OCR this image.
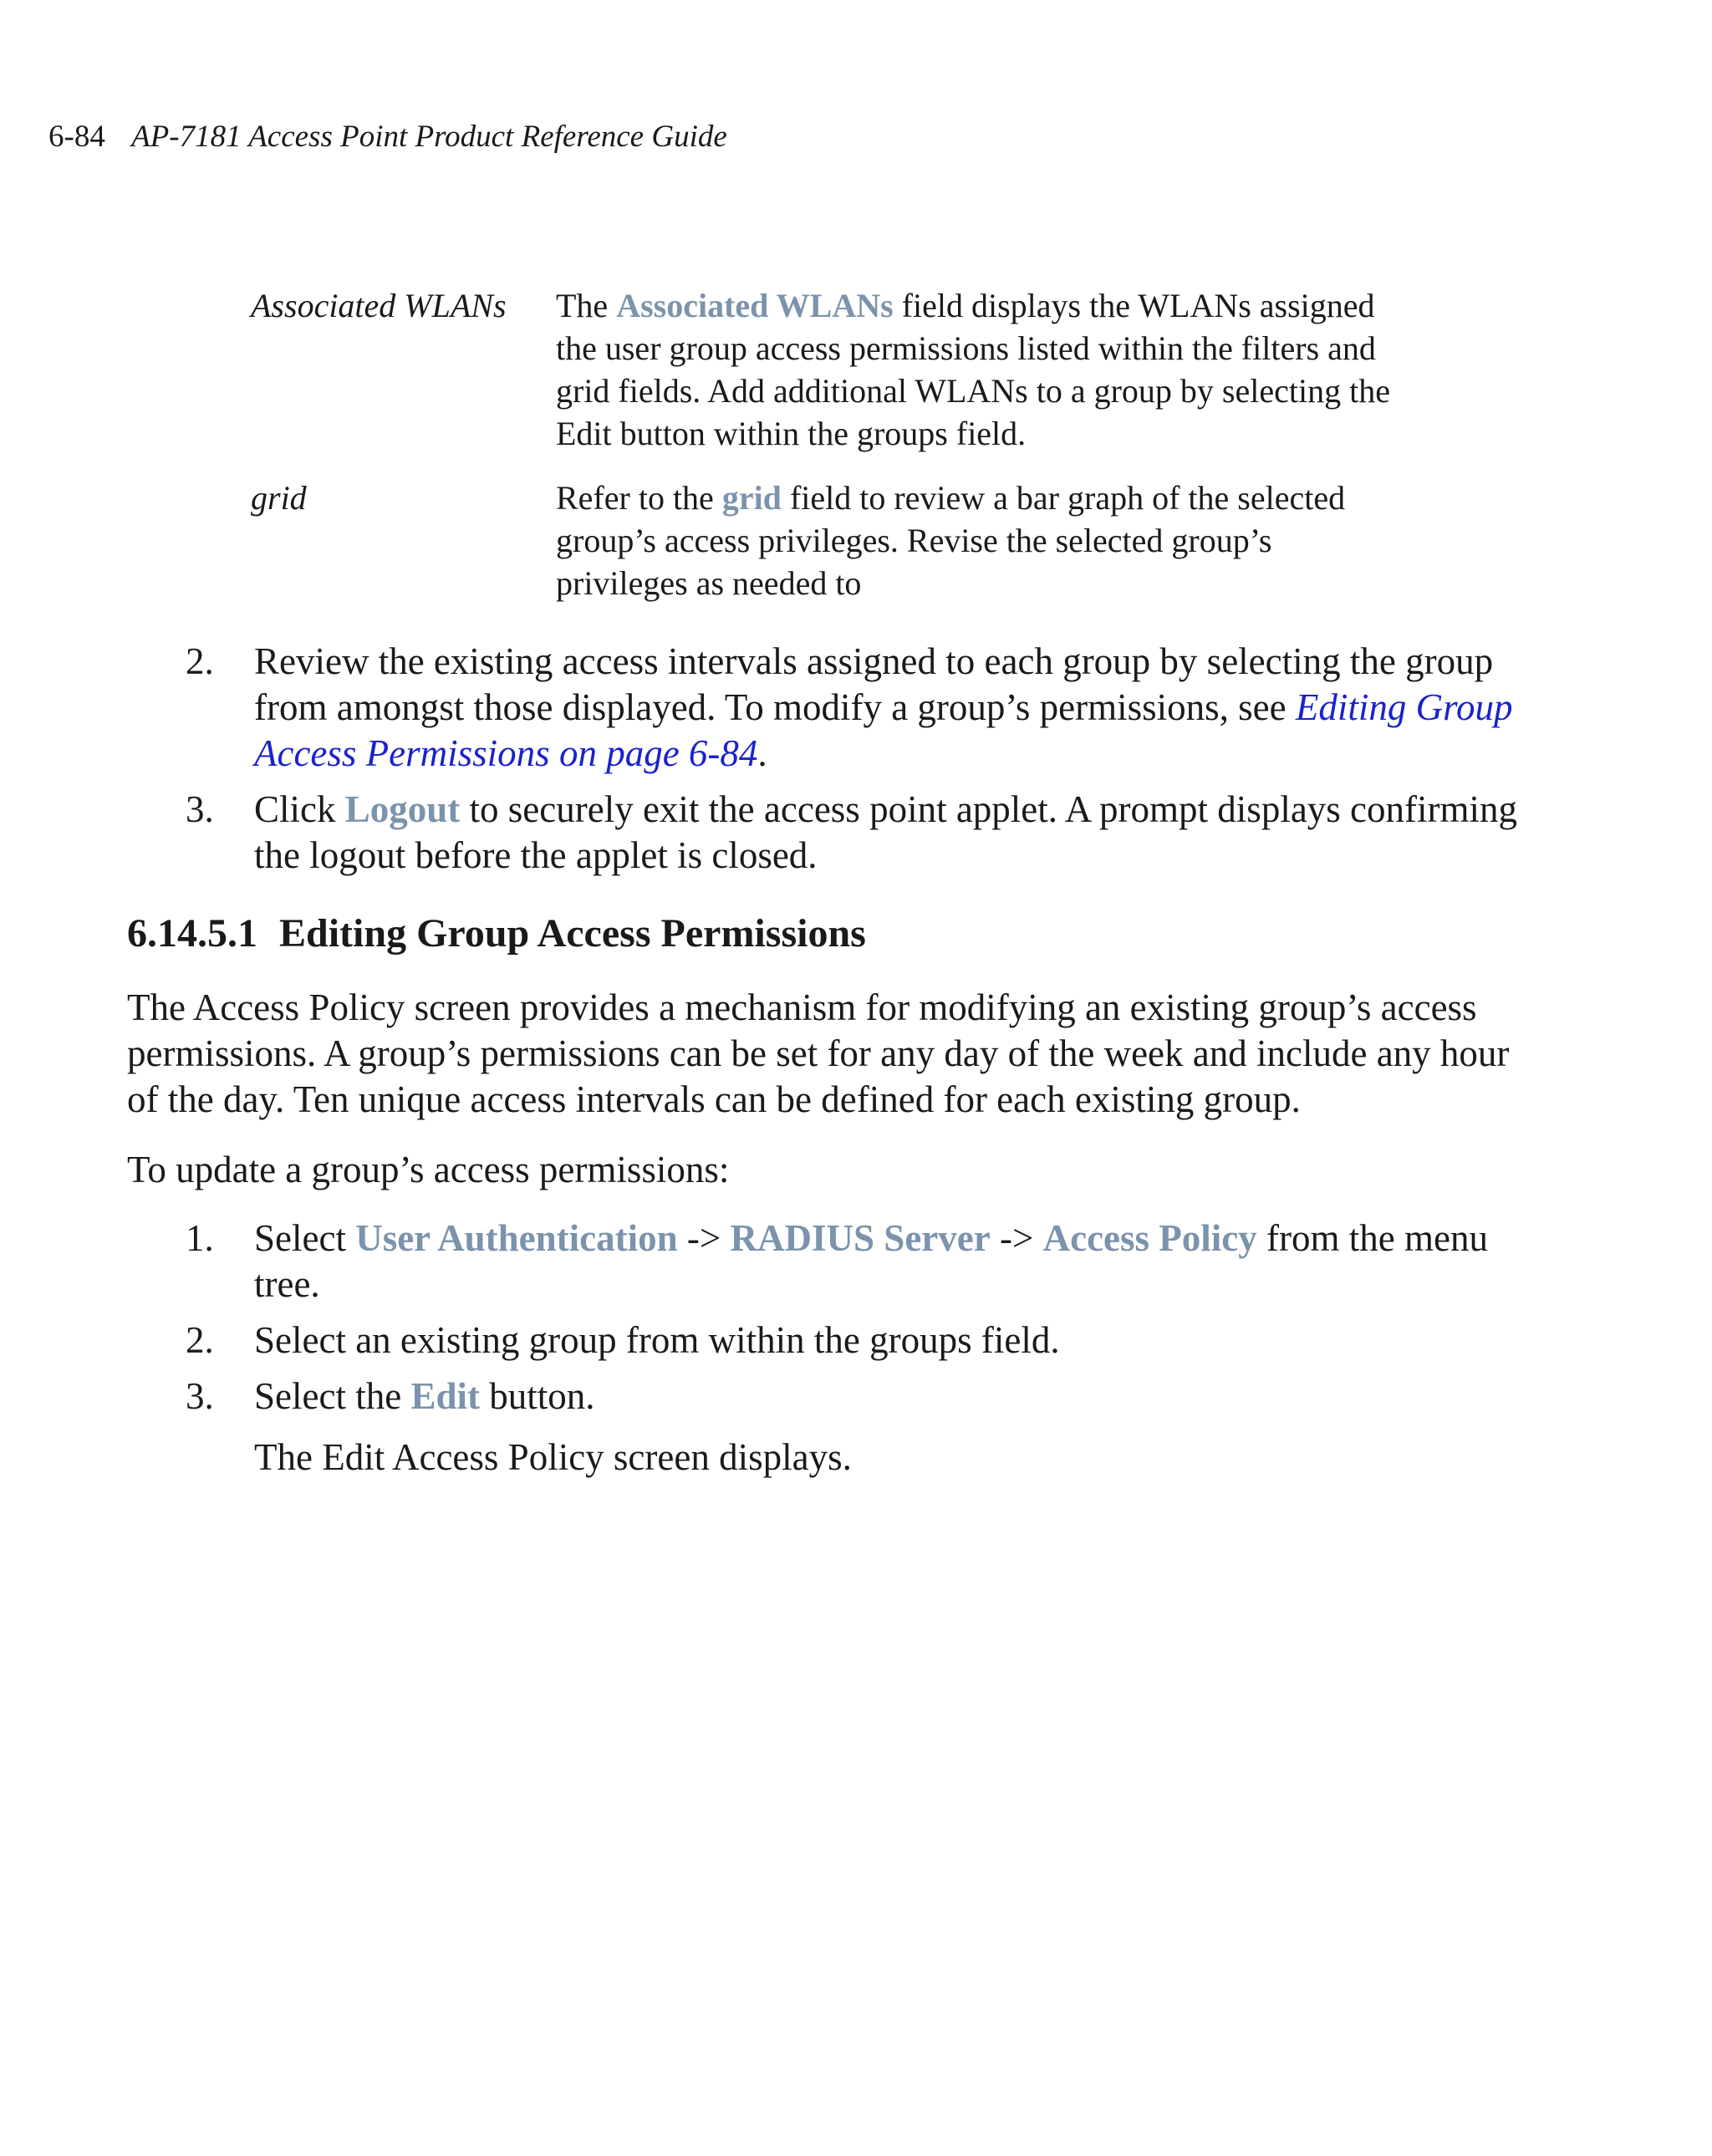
6-84 AP-7181 Access Point Product Reference Guide
Associated WLANs	The Associated WLANs field displays the WLANs assigned the user group access permissions listed within the filters and grid fields. Add additional WLANs to a group by selecting the Edit button within the groups field.
grid	Refer to the grid field to review a bar graph of the selected group’s access privileges. Revise the selected group’s privileges as needed to
2.	Review the existing access intervals assigned to each group by selecting the group from amongst those displayed. To modify a group’s permissions, see Editing Group Access Permissions on page 6-84.
3.	Click Logout to securely exit the access point applet. A prompt displays confirming the logout before the applet is closed.
6.14.5.1 Editing Group Access Permissions

The Access Policy screen provides a mechanism for modifying an existing group’s access permissions. A group’s permissions can be set for any day of the week and include any hour of the day. Ten unique access intervals can be defined for each existing group.

To update a group’s access permissions:

1.	Select User Authentication -> RADIUS Server -> Access Policy from the menu tree.
2.	Select an existing group from within the groups field.
3.	Select the Edit button.

The Edit Access Policy screen displays.
